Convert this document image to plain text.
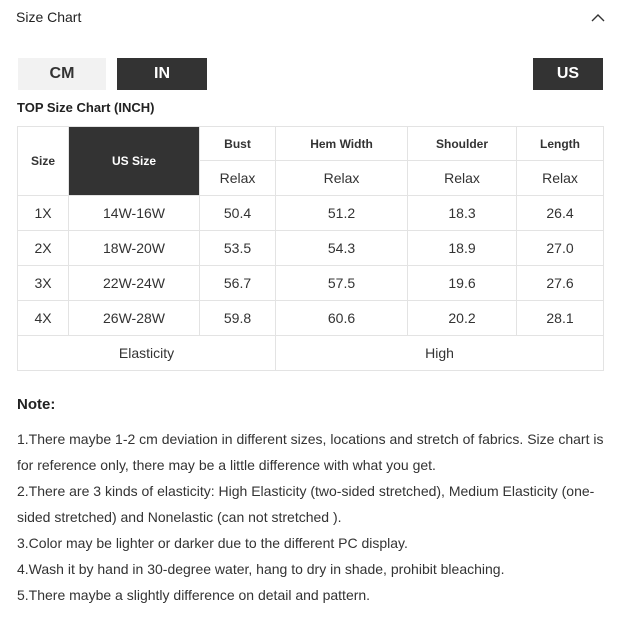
Size Chart
CM	IN	US
TOP Size Chart (INCH)
Size	US Size	Bust	Hem Width	Shoulder	Length
		Relax	Relax	Relax	Relax
1X	14W-16W	50.4	51.2	18.3	26.4
2X	18W-20W	53.5	54.3	18.9	27.0
3X	22W-24W	56.7	57.5	19.6	27.6
4X	26W-28W	59.8	60.6	20.2	28.1
Elasticity			High		
Note:

1.There maybe 1-2 cm deviation in different sizes, locations and stretch of fabrics. Size chart is for reference only, there may be a little difference with what you get.

2.There are 3 kinds of elasticity: High Elasticity (two-sided stretched), Medium Elasticity (one-sided stretched) and Nonelastic (can not stretched ).

3.Color may be lighter or darker due to the different PC display.

4.Wash it by hand in 30-degree water, hang to dry in shade, prohibit bleaching.

5.There maybe a slightly difference on detail and pattern.
